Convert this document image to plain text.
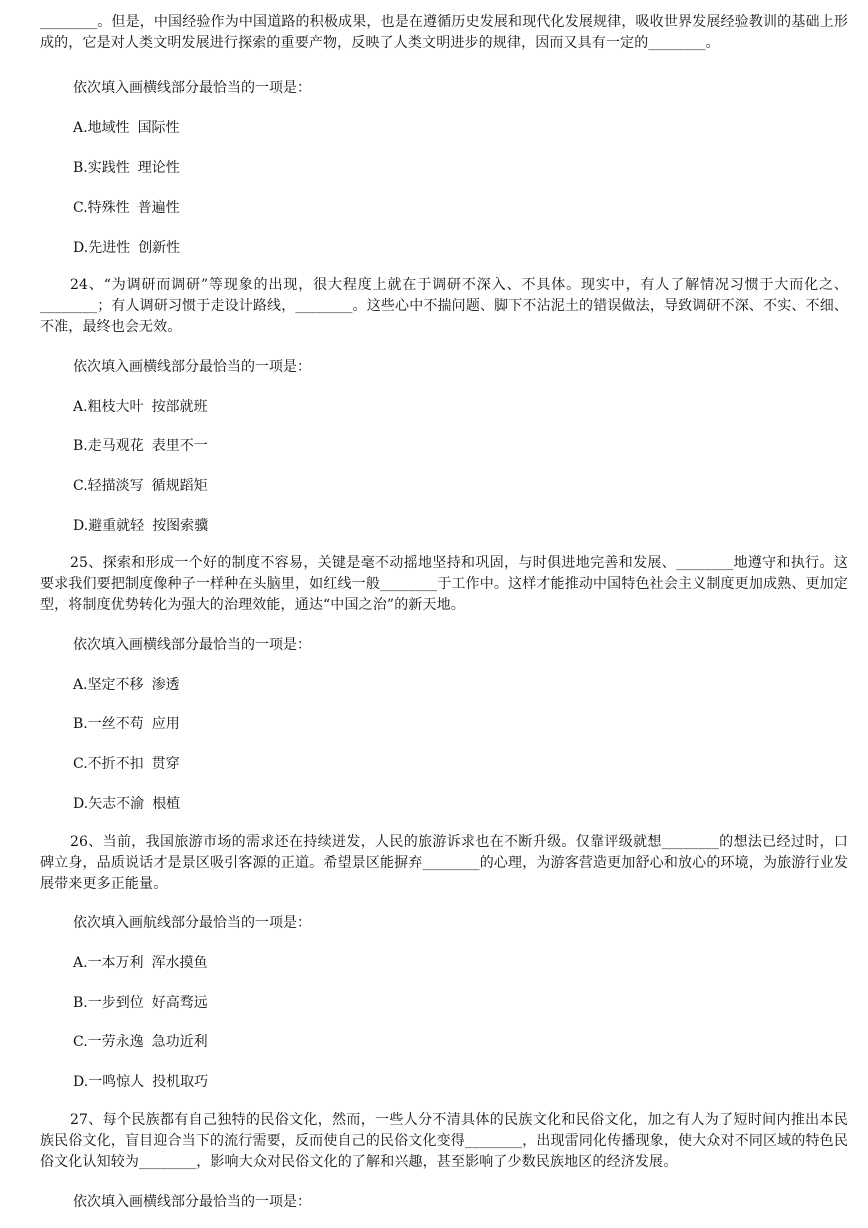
________。但是，中国经验作为中国道路的积极成果，也是在遵循历史发展和现代化发展规律，吸收世界发展经验教训的基础上形成的，它是对人类文明发展进行探索的重要产物，反映了人类文明进步的规律，因而又具有一定的________。
依次填入画横线部分最恰当的一项是：
A.地域性 国际性
B.实践性 理论性
C.特殊性 普遍性
D.先进性 创新性
24、“为调研而调研”等现象的出现，很大程度上就在于调研不深入、不具体。现实中，有人了解情况习惯于大而化之、________；有人调研习惯于走设计路线，________。这些心中不揣问题、脚下不沾泥土的错误做法，导致调研不深、不实、不细、不准，最终也会无效。
依次填入画横线部分最恰当的一项是：
A.粗枝大叶 按部就班
B.走马观花 表里不一
C.轻描淡写 循规蹈矩
D.避重就轻 按图索骥
25、探索和形成一个好的制度不容易，关键是毫不动摇地坚持和巩固，与时俱进地完善和发展、________地遵守和执行。这要求我们要把制度像种子一样种在头脑里，如红线一般________于工作中。这样才能推动中国特色社会主义制度更加成熟、更加定型，将制度优势转化为强大的治理效能，通达“中国之治”的新天地。
依次填入画横线部分最恰当的一项是：
A.坚定不移 渗透
B.一丝不苟 应用
C.不折不扣 贯穿
D.矢志不渝 根植
26、当前，我国旅游市场的需求还在持续迸发，人民的旅游诉求也在不断升级。仅靠评级就想________的想法已经过时，口碑立身，品质说话才是景区吸引客源的正道。希望景区能摒弃________的心理，为游客营造更加舒心和放心的环境，为旅游行业发展带来更多正能量。
依次填入画航线部分最恰当的一项是：
A.一本万利 浑水摸鱼
B.一步到位 好高骛远
C.一劳永逸 急功近利
D.一鸣惊人 投机取巧
27、每个民族都有自己独特的民俗文化，然而，一些人分不清具体的民族文化和民俗文化，加之有人为了短时间内推出本民族民俗文化，盲目迎合当下的流行需要，反而使自己的民俗文化变得________，出现雷同化传播现象，使大众对不同区域的特色民俗文化认知较为________，影响大众对民俗文化的了解和兴趣，甚至影响了少数民族地区的经济发展。
依次填入画横线部分最恰当的一项是：
